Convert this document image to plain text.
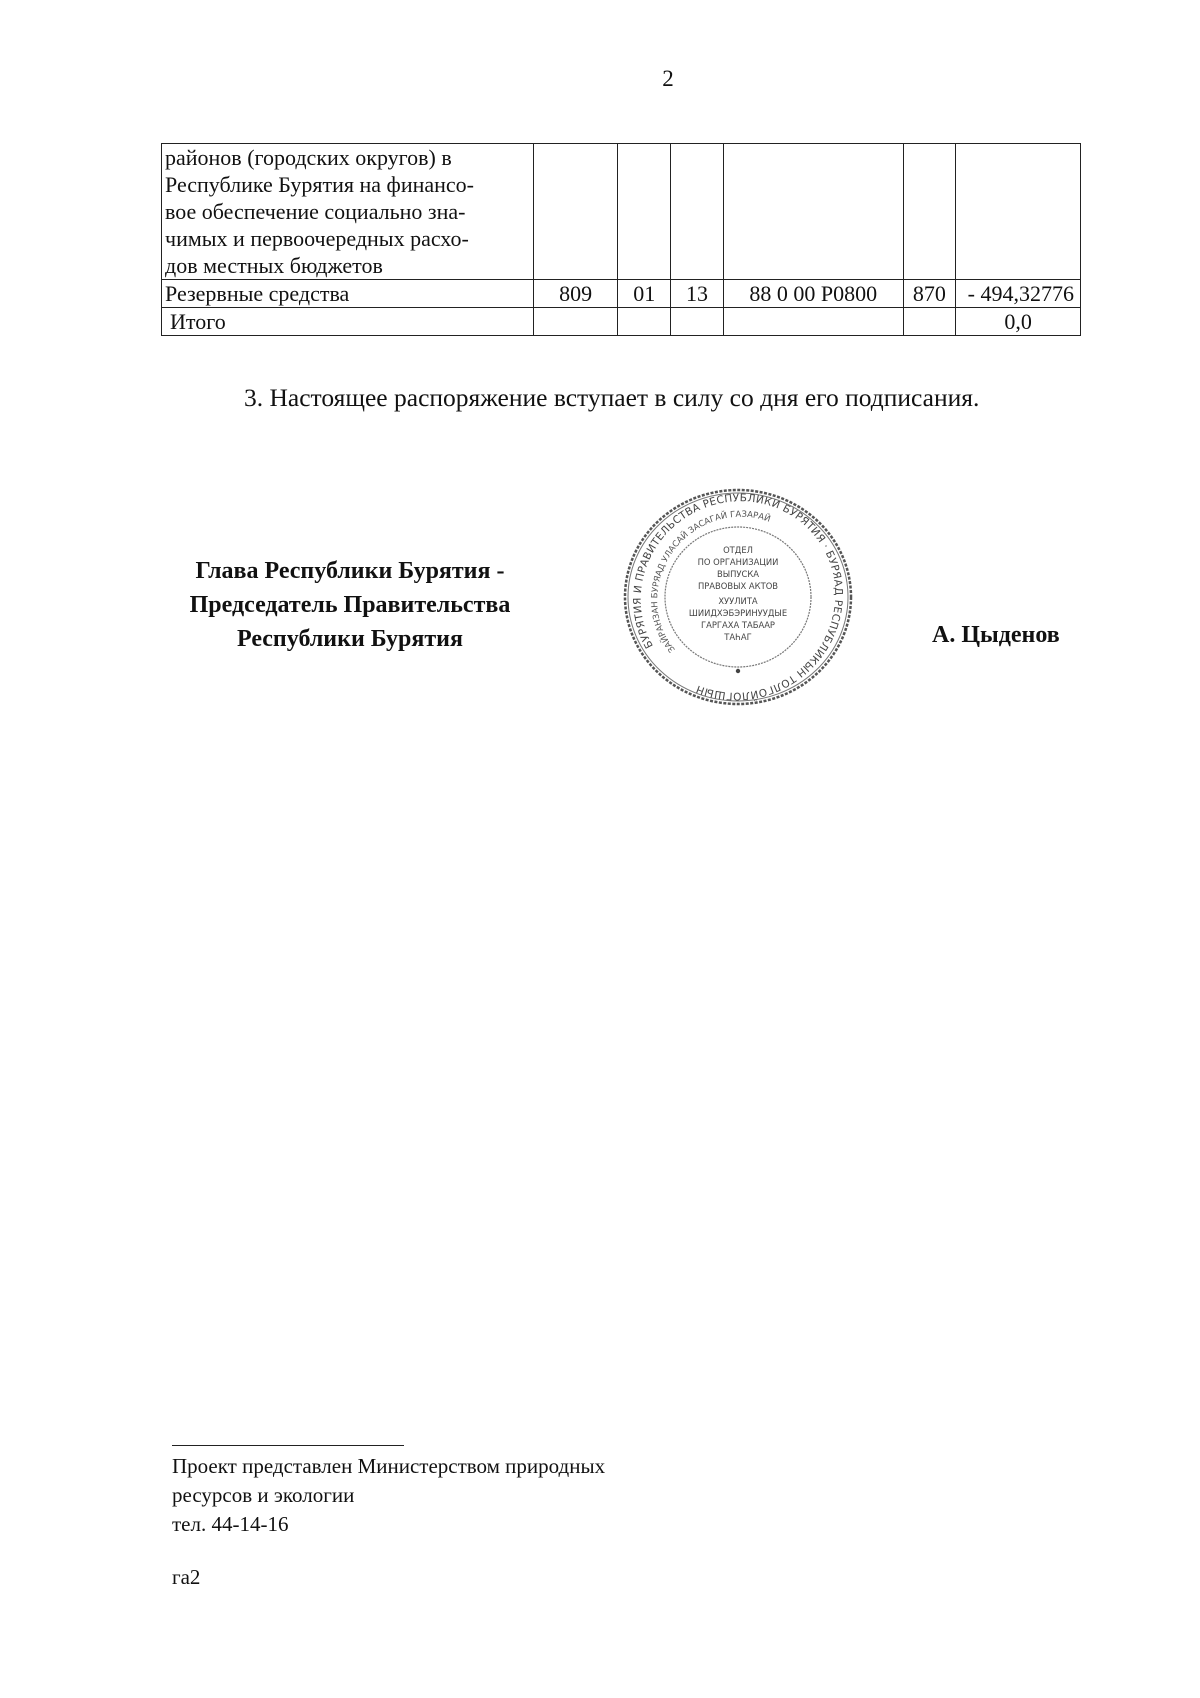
2
районов (городских округов) в
Республике Бурятия на финансо-
вое обеспечение социально зна-
чимых и первоочередных расхо-
дов местных бюджетов						

Резервные средства	809	01	13	88 0 00 Р0800	870	- 494,32776
Итого						0,0
3. Настоящее распоряжение вступает в силу со дня его подписания.
Глава Республики Бурятия -
Председатель Правительства
Республики Бурятия	БУРЯТИЯ И ПРАВИТЕЛЬСТВА РЕСПУБЛИКИ БУРЯТИЯ · БУРЯАД РЕСПУБЛИКЫН ТОЛГОЙЛОГШЫН
ЗАЙРАНЗАН БУРЯАД УЛАСАЙ ЗАСАГАЙ ГАЗАРАЙ
ОТДЕЛ
ПО ОРГАНИЗАЦИИ
ВЫПУСКА
ПРАВОВЫХ АКТОВ
ХУУЛИТА
ШИИДХЭБЭРИНУУДЫЕ
ГАРГАХА ТАБААР
ТАҺАГ	А. Цыденов
Проект представлен Министерством природных
ресурсов и экологии
тел. 44-14-16
га2
